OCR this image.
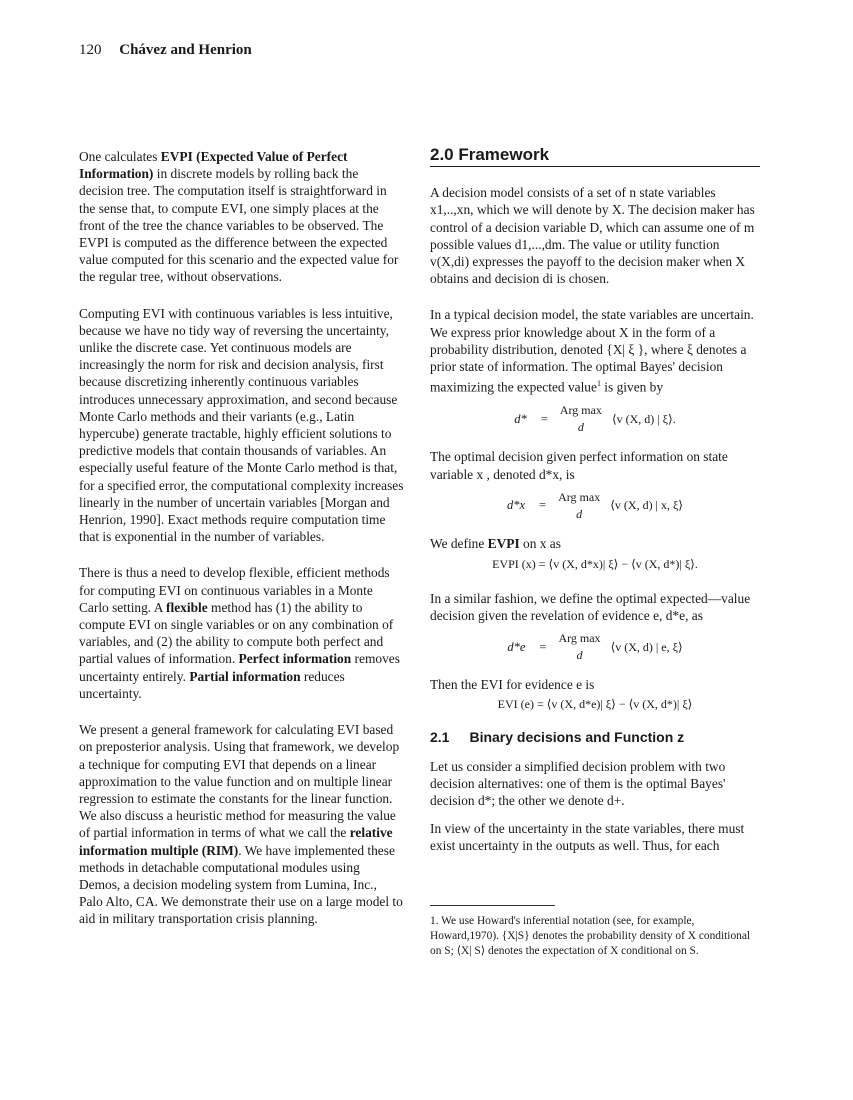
120 Chávez and Henrion

One calculates EVPI (Expected Value of Perfect Information) in discrete models by rolling back the decision tree. The computation itself is straightforward in the sense that, to compute EVI, one simply places at the front of the tree the chance variables to be observed. The EVPI is computed as the difference between the expected value computed for this scenario and the expected value for the regular tree, without observations.

Computing EVI with continuous variables is less intuitive, because we have no tidy way of reversing the uncertainty, unlike the discrete case. Yet continuous models are increasingly the norm for risk and decision analysis, first because discretizing inherently continuous variables introduces unnecessary approximation, and second because Monte Carlo methods and their variants (e.g., Latin hypercube) generate tractable, highly efficient solutions to predictive models that contain thousands of variables. An especially useful feature of the Monte Carlo method is that, for a specified error, the computational complexity increases linearly in the number of uncertain variables [Morgan and Henrion, 1990]. Exact methods require computation time that is exponential in the number of variables.

There is thus a need to develop flexible, efficient methods for computing EVI on continuous variables in a Monte Carlo setting. A flexible method has (1) the ability to compute EVI on single variables or on any combination of variables, and (2) the ability to compute both perfect and partial values of information. Perfect information removes uncertainty entirely. Partial information reduces uncertainty.

We present a general framework for calculating EVI based on preposterior analysis. Using that framework, we develop a technique for computing EVI that depends on a linear approximation to the value function and on multiple linear regression to estimate the constants for the linear function. We also discuss a heuristic method for measuring the value of partial information in terms of what we call the relative information multiple (RIM). We have implemented these methods in detachable computational modules using Demos, a decision modeling system from Lumina, Inc., Palo Alto, CA. We demonstrate their use on a large model to aid in military transportation crisis planning.

2.0 Framework

A decision model consists of a set of n state variables x1,..,xn, which we will denote by X. The decision maker has control of a decision variable D, which can assume one of m possible values d1,...,dm. The value or utility function v(X,di) expresses the payoff to the decision maker when X obtains and decision di is chosen.

In a typical decision model, the state variables are uncertain. We express prior knowledge about X in the form of a probability distribution, denoted {X| ξ }, where ξ denotes a prior state of information. The optimal Bayes' decision maximizing the expected value$^1$ is given by

d* =
Arg max
d
⟨v (X, d) | ξ⟩.

The optimal decision given perfect information on state variable x , denoted d*x, is

d*x =
Arg max
d
⟨v (X, d) | x, ξ⟩

We define EVPI on x as

EVPI (x) = ⟨v (X, d*x)| ξ⟩ − ⟨v (X, d*)| ξ⟩.

In a similar fashion, we define the optimal expected—value decision given the revelation of evidence e, d*e, as

d*e =
Arg max
d
⟨v (X, d) | e, ξ⟩

Then the EVI for evidence e is

EVI (e) = ⟨v (X, d*e)| ξ⟩ − ⟨v (X, d*)| ξ⟩
2.1 Binary decisions and Function z

Let us consider a simplified decision problem with two decision alternatives: one of them is the optimal Bayes' decision d*; the other we denote d+.

In view of the uncertainty in the state variables, there must exist uncertainty in the outputs as well. Thus, for each

1. We use Howard's inferential notation (see, for example, Howard,1970). {X|S} denotes the probability density of X conditional on S; ⟨X| S⟩ denotes the expectation of X conditional on S.
